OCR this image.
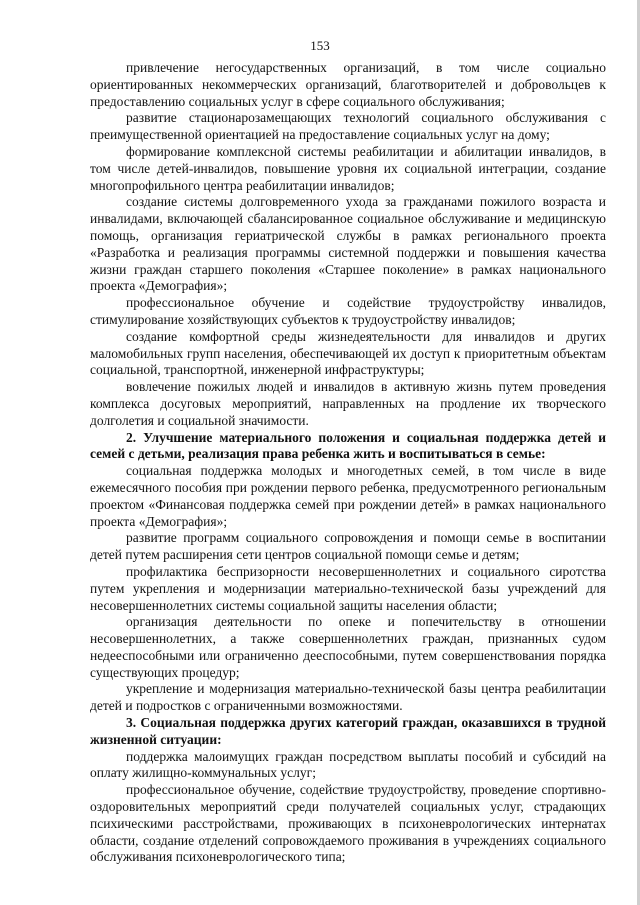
153

привлечение негосударственных организаций, в том числе социально ориентированных некоммерческих организаций, благотворителей и добровольцев к предоставлению социальных услуг в сфере социального обслуживания;

развитие стационарозамещающих технологий социального обслуживания с преимущественной ориентацией на предоставление социальных услуг на дому;

формирование комплексной системы реабилитации и абилитации инвалидов, в том числе детей-инвалидов, повышение уровня их социальной интеграции, создание многопрофильного центра реабилитации инвалидов;

создание системы долговременного ухода за гражданами пожилого возраста и инвалидами, включающей сбалансированное социальное обслуживание и медицинскую помощь, организация гериатрической службы в рамках регионального проекта «Разработка и реализация программы системной поддержки и повышения качества жизни граждан старшего поколения «Старшее поколение» в рамках национального проекта «Демография»;

профессиональное обучение и содействие трудоустройству инвалидов, стимулирование хозяйствующих субъектов к трудоустройству инвалидов;

создание комфортной среды жизнедеятельности для инвалидов и других маломобильных групп населения, обеспечивающей их доступ к приоритетным объектам социальной, транспортной, инженерной инфраструктуры;

вовлечение пожилых людей и инвалидов в активную жизнь путем проведения комплекса досуговых мероприятий, направленных на продление их творческого долголетия и социальной значимости.

2. Улучшение материального положения и социальная поддержка детей и семей с детьми, реализация права ребенка жить и воспитываться в семье:

социальная поддержка молодых и многодетных семей, в том числе в виде ежемесячного пособия при рождении первого ребенка, предусмотренного региональным проектом «Финансовая поддержка семей при рождении детей» в рамках национального проекта «Демография»;

развитие программ социального сопровождения и помощи семье в воспитании детей путем расширения сети центров социальной помощи семье и детям;

профилактика беспризорности несовершеннолетних и социального сиротства путем укрепления и модернизации материально-технической базы учреждений для несовершеннолетних системы социальной защиты населения области;

организация деятельности по опеке и попечительству в отношении несовершеннолетних, а также совершеннолетних граждан, признанных судом недееспособными или ограниченно дееспособными, путем совершенствования порядка существующих процедур;

укрепление и модернизация материально-технической базы центра реабилитации детей и подростков с ограниченными возможностями.

3. Социальная поддержка других категорий граждан, оказавшихся в трудной жизненной ситуации:

поддержка малоимущих граждан посредством выплаты пособий и субсидий на оплату жилищно-коммунальных услуг;

профессиональное обучение, содействие трудоустройству, проведение спортивно-оздоровительных мероприятий среди получателей социальных услуг, страдающих психическими расстройствами, проживающих в психоневрологических интернатах области, создание отделений сопровождаемого проживания в учреждениях социального обслуживания психоневрологического типа;
